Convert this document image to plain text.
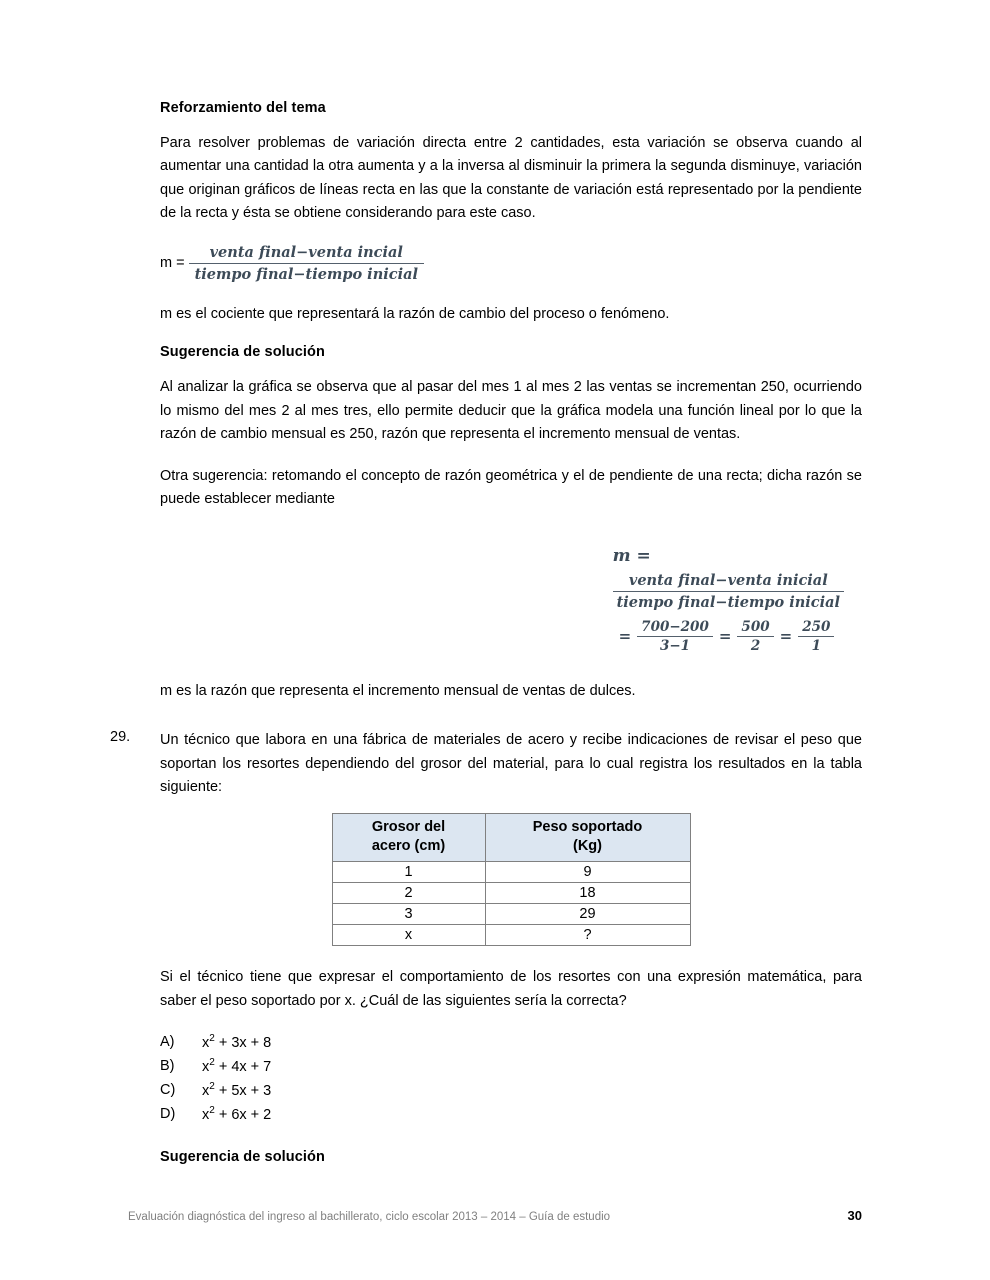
Reforzamiento del tema

Para resolver problemas de variación directa entre 2 cantidades, esta variación se observa cuando al aumentar una cantidad la otra aumenta y a la inversa al disminuir la primera la segunda disminuye, variación que originan gráficos de líneas recta en las que la constante de variación está representado por la pendiente de la recta y ésta se obtiene considerando para este caso.

$m = \frac{\text{venta final−venta incial}}{\text{tiempo final−tiempo inicial}}$

m es el cociente que representará la razón de cambio del proceso o fenómeno.

Sugerencia de solución

Al analizar la gráfica se observa que al pasar del mes 1 al mes 2 las ventas se incrementan 250, ocurriendo lo mismo del mes 2 al mes tres, ello permite deducir que la gráfica modela una función lineal por lo que la razón de cambio mensual es 250, razón que representa el incremento mensual de ventas.

Otra sugerencia: retomando el concepto de razón geométrica y el de pendiente de una recta; dicha razón se puede establecer mediante

m =
$\frac{\text{venta final−venta inicial}}{\text{tiempo final−tiempo inicial}}$
= $\frac{700-200}{3-1} = \frac{500}{2} = \frac{250}{1}$

m es la razón que representa el incremento mensual de ventas de dulces.

29.	Un técnico que labora en una fábrica de materiales de acero y recibe indicaciones de revisar el peso que soportan los resortes dependiendo del grosor del material, para lo cual registra los resultados en la tabla siguiente:
Grosor del
acero (cm)

Peso soportado
(Kg)

1	9
2	18
3	29
x	?

Si el técnico tiene que expresar el comportamiento de los resortes con una expresión matemática, para saber el peso soportado por x. ¿Cuál de las siguientes sería la correcta?

A)	$x^2 + 3x + 8$
B)	$x^2 + 4x + 7$
C)	$x^2 + 5x + 3$
D)	$x^2 + 6x + 2$
Sugerencia de solución
Evaluación diagnóstica del ingreso al bachillerato, ciclo escolar 2013 – 2014 – Guía de estudio	30
